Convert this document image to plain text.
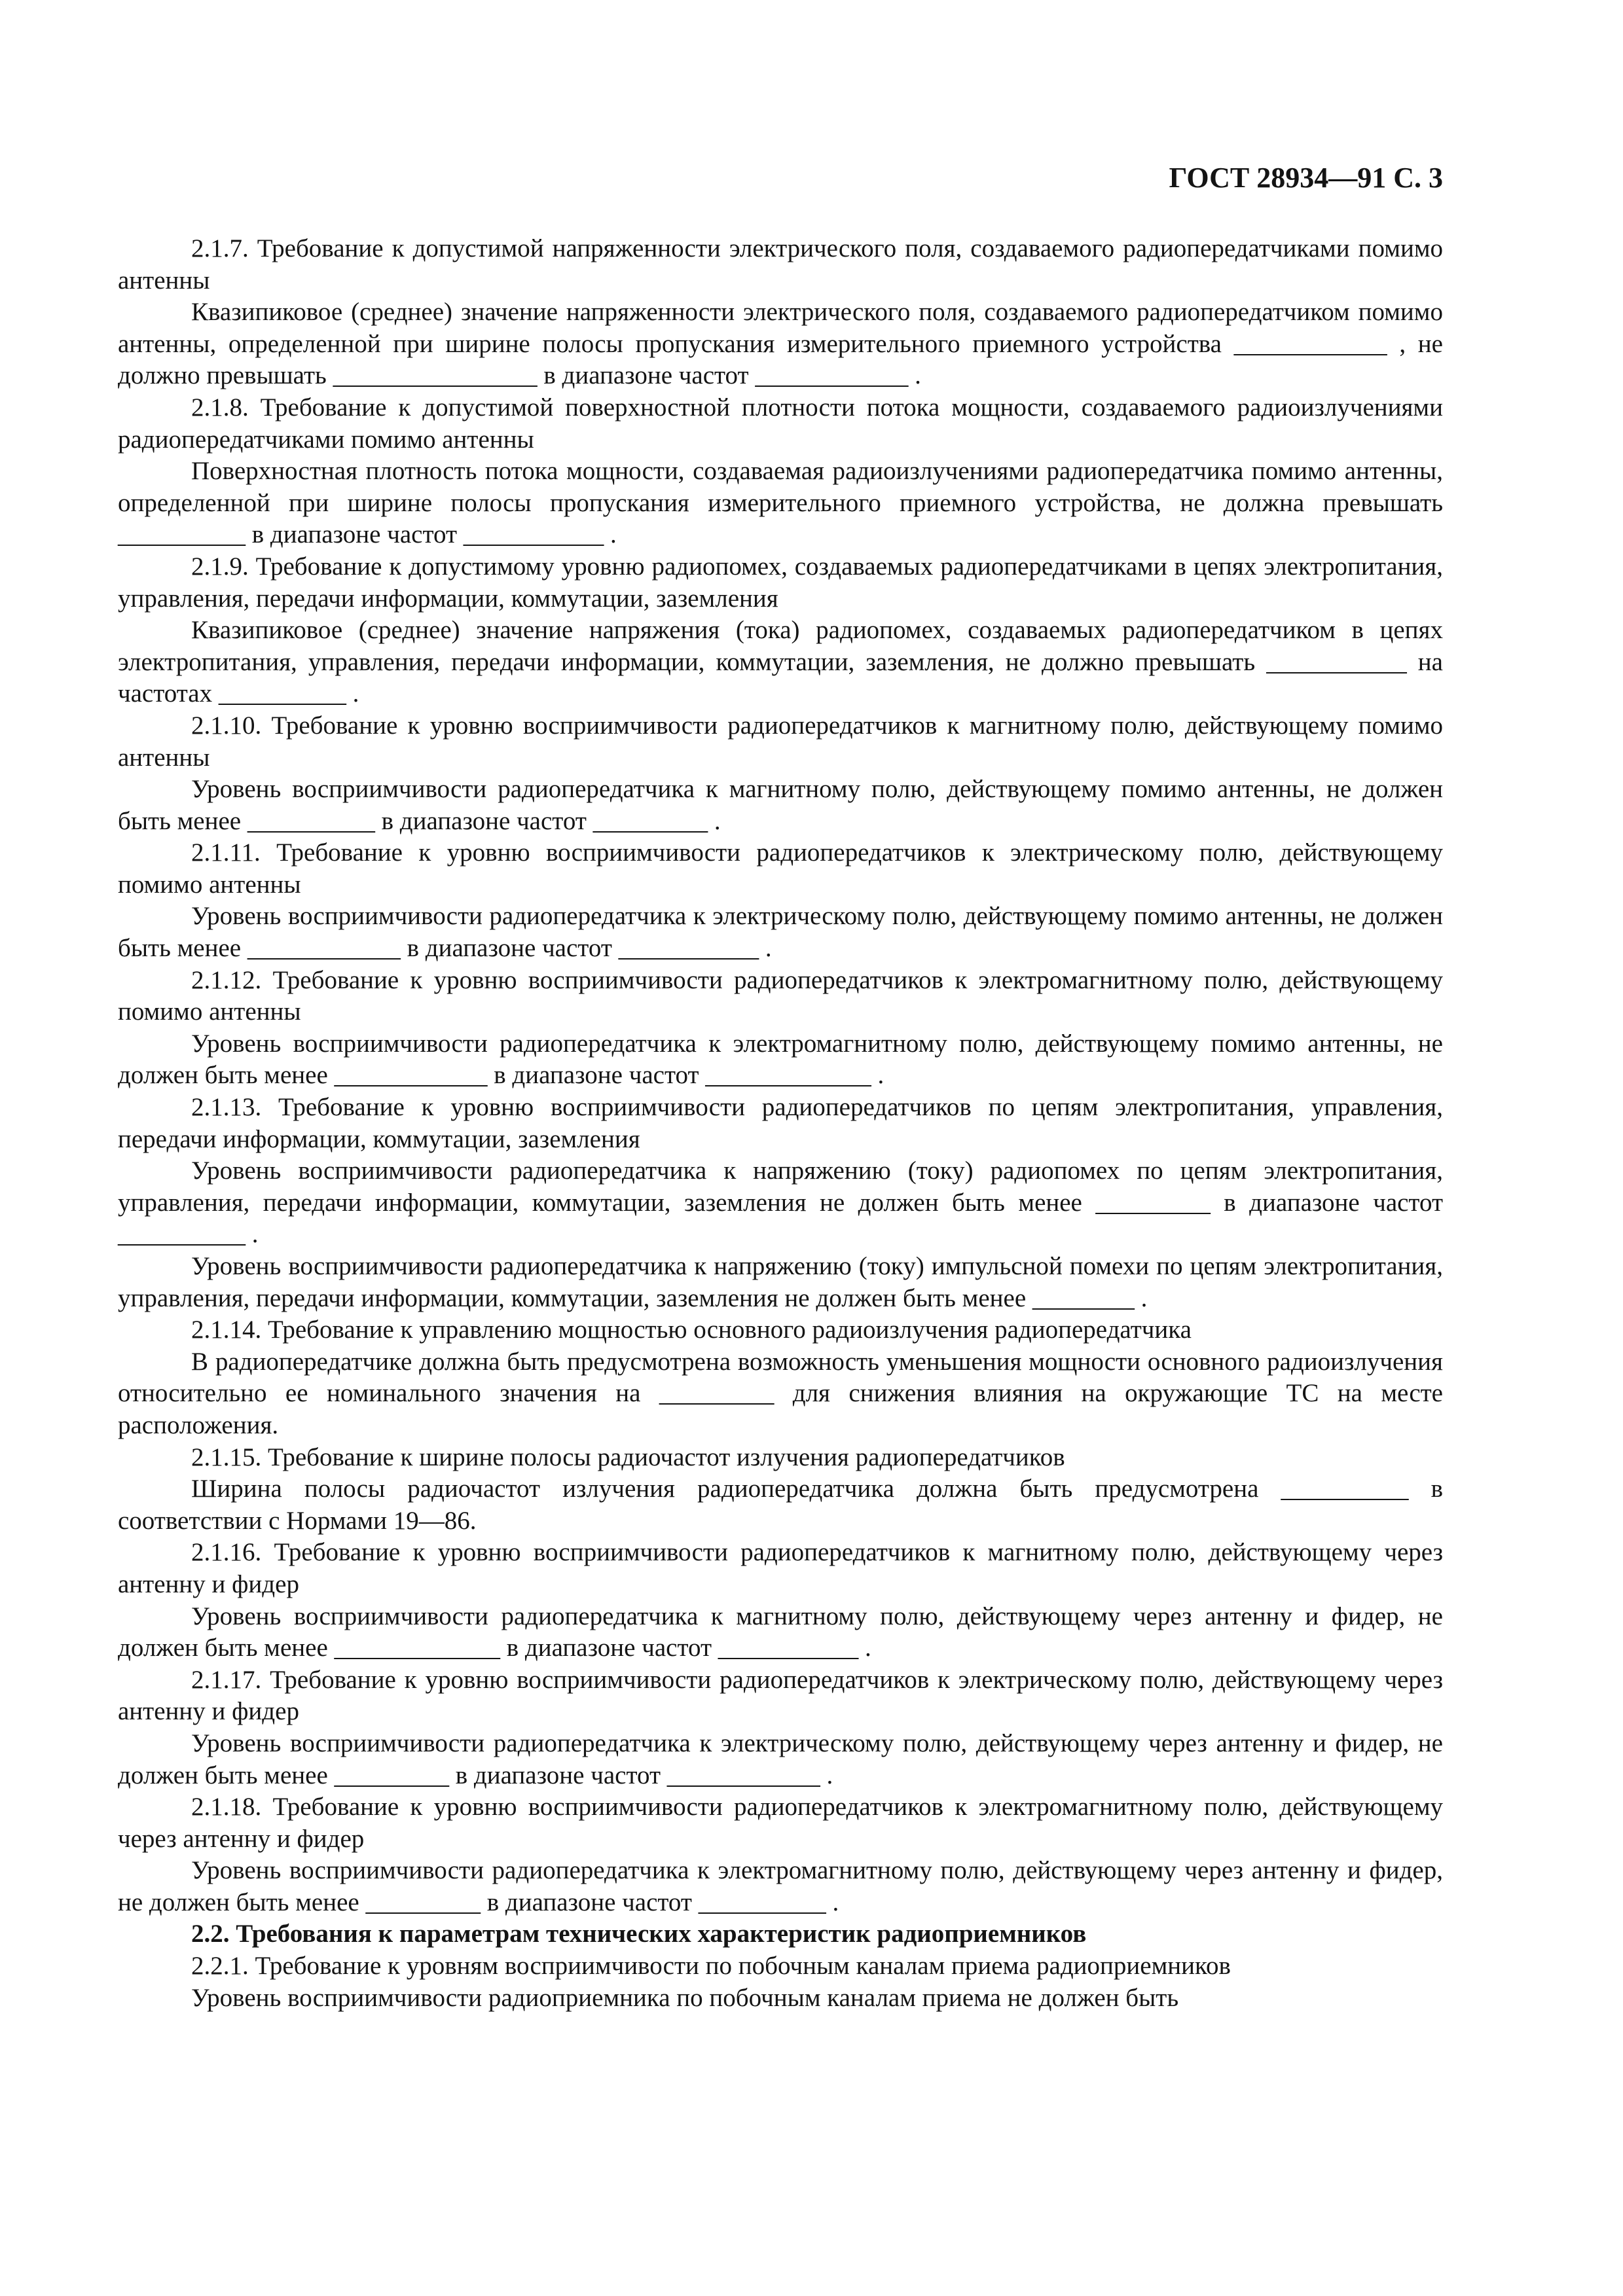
ГОСТ 28934—91 С. 3

2.1.7. Требование к допустимой напряженности электрического поля, создаваемого радиопередатчиками помимо антенны

Квазипиковое (среднее) значение напряженности электрического поля, создаваемого радиопередатчиком помимо антенны, определенной при ширине полосы пропускания измерительного приемного устройства ____________ , не должно превышать ________________ в диапазоне частот ____________ .

2.1.8. Требование к допустимой поверхностной плотности потока мощности, создаваемого радиоизлучениями радиопередатчиками помимо антенны

Поверхностная плотность потока мощности, создаваемая радиоизлучениями радиопередатчика помимо антенны, определенной при ширине полосы пропускания измерительного приемного устройства, не должна превышать __________ в диапазоне частот ___________ .

2.1.9. Требование к допустимому уровню радиопомех, создаваемых радиопередатчиками в цепях электропитания, управления, передачи информации, коммутации, заземления

Квазипиковое (среднее) значение напряжения (тока) радиопомех, создаваемых радиопередатчиком в цепях электропитания, управления, передачи информации, коммутации, заземления, не должно превышать ___________ на частотах __________ .

2.1.10. Требование к уровню восприимчивости радиопередатчиков к магнитному полю, действующему помимо антенны

Уровень восприимчивости радиопередатчика к магнитному полю, действующему помимо антенны, не должен быть менее __________ в диапазоне частот _________ .

2.1.11. Требование к уровню восприимчивости радиопередатчиков к электрическому полю, действующему помимо антенны

Уровень восприимчивости радиопередатчика к электрическому полю, действующему помимо антенны, не должен быть менее ____________ в диапазоне частот ___________ .

2.1.12. Требование к уровню восприимчивости радиопередатчиков к электромагнитному полю, действующему помимо антенны

Уровень восприимчивости радиопередатчика к электромагнитному полю, действующему помимо антенны, не должен быть менее ____________ в диапазоне частот _____________ .

2.1.13. Требование к уровню восприимчивости радиопередатчиков по цепям электропитания, управления, передачи информации, коммутации, заземления

Уровень восприимчивости радиопередатчика к напряжению (току) радиопомех по цепям электропитания, управления, передачи информации, коммутации, заземления не должен быть менее _________ в диапазоне частот __________ .

Уровень восприимчивости радиопередатчика к напряжению (току) импульсной помехи по цепям электропитания, управления, передачи информации, коммутации, заземления не должен быть менее ________ .

2.1.14. Требование к управлению мощностью основного радиоизлучения радиопередатчика

В радиопередатчике должна быть предусмотрена возможность уменьшения мощности основного радиоизлучения относительно ее номинального значения на _________ для снижения влияния на окружающие ТС на месте расположения.

2.1.15. Требование к ширине полосы радиочастот излучения радиопередатчиков

Ширина полосы радиочастот излучения радиопередатчика должна быть предусмотрена __________ в соответствии с Нормами 19—86.

2.1.16. Требование к уровню восприимчивости радиопередатчиков к магнитному полю, действующему через антенну и фидер

Уровень восприимчивости радиопередатчика к магнитному полю, действующему через антенну и фидер, не должен быть менее _____________ в диапазоне частот ___________ .

2.1.17. Требование к уровню восприимчивости радиопередатчиков к электрическому полю, действующему через антенну и фидер

Уровень восприимчивости радиопередатчика к электрическому полю, действующему через антенну и фидер, не должен быть менее _________ в диапазоне частот ____________ .

2.1.18. Требование к уровню восприимчивости радиопередатчиков к электромагнитному полю, действующему через антенну и фидер

Уровень восприимчивости радиопередатчика к электромагнитному полю, действующему через антенну и фидер, не должен быть менее _________ в диапазоне частот __________ .

2.2. Требования к параметрам технических характеристик радиоприемников

2.2.1. Требование к уровням восприимчивости по побочным каналам приема радиоприемников

Уровень восприимчивости радиоприемника по побочным каналам приема не должен быть
